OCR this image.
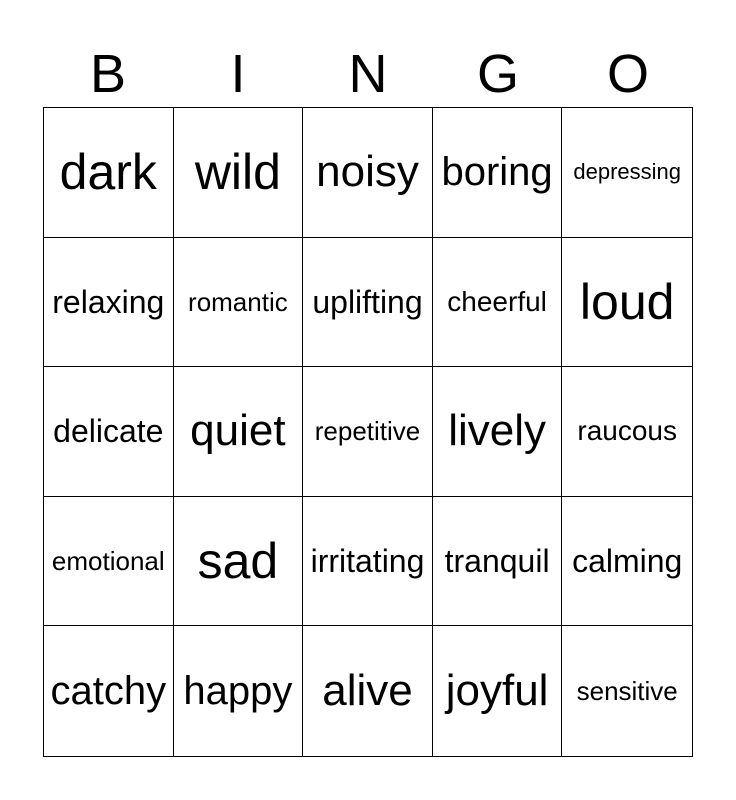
B	I	N	G	O
dark wild noisy boring depressing
relaxing romantic uplifting cheerful loud
delicate quiet	repetitive lively	raucous
emotional sad	irritating tranquil calming
catchy happy alive joyful	sensitive
